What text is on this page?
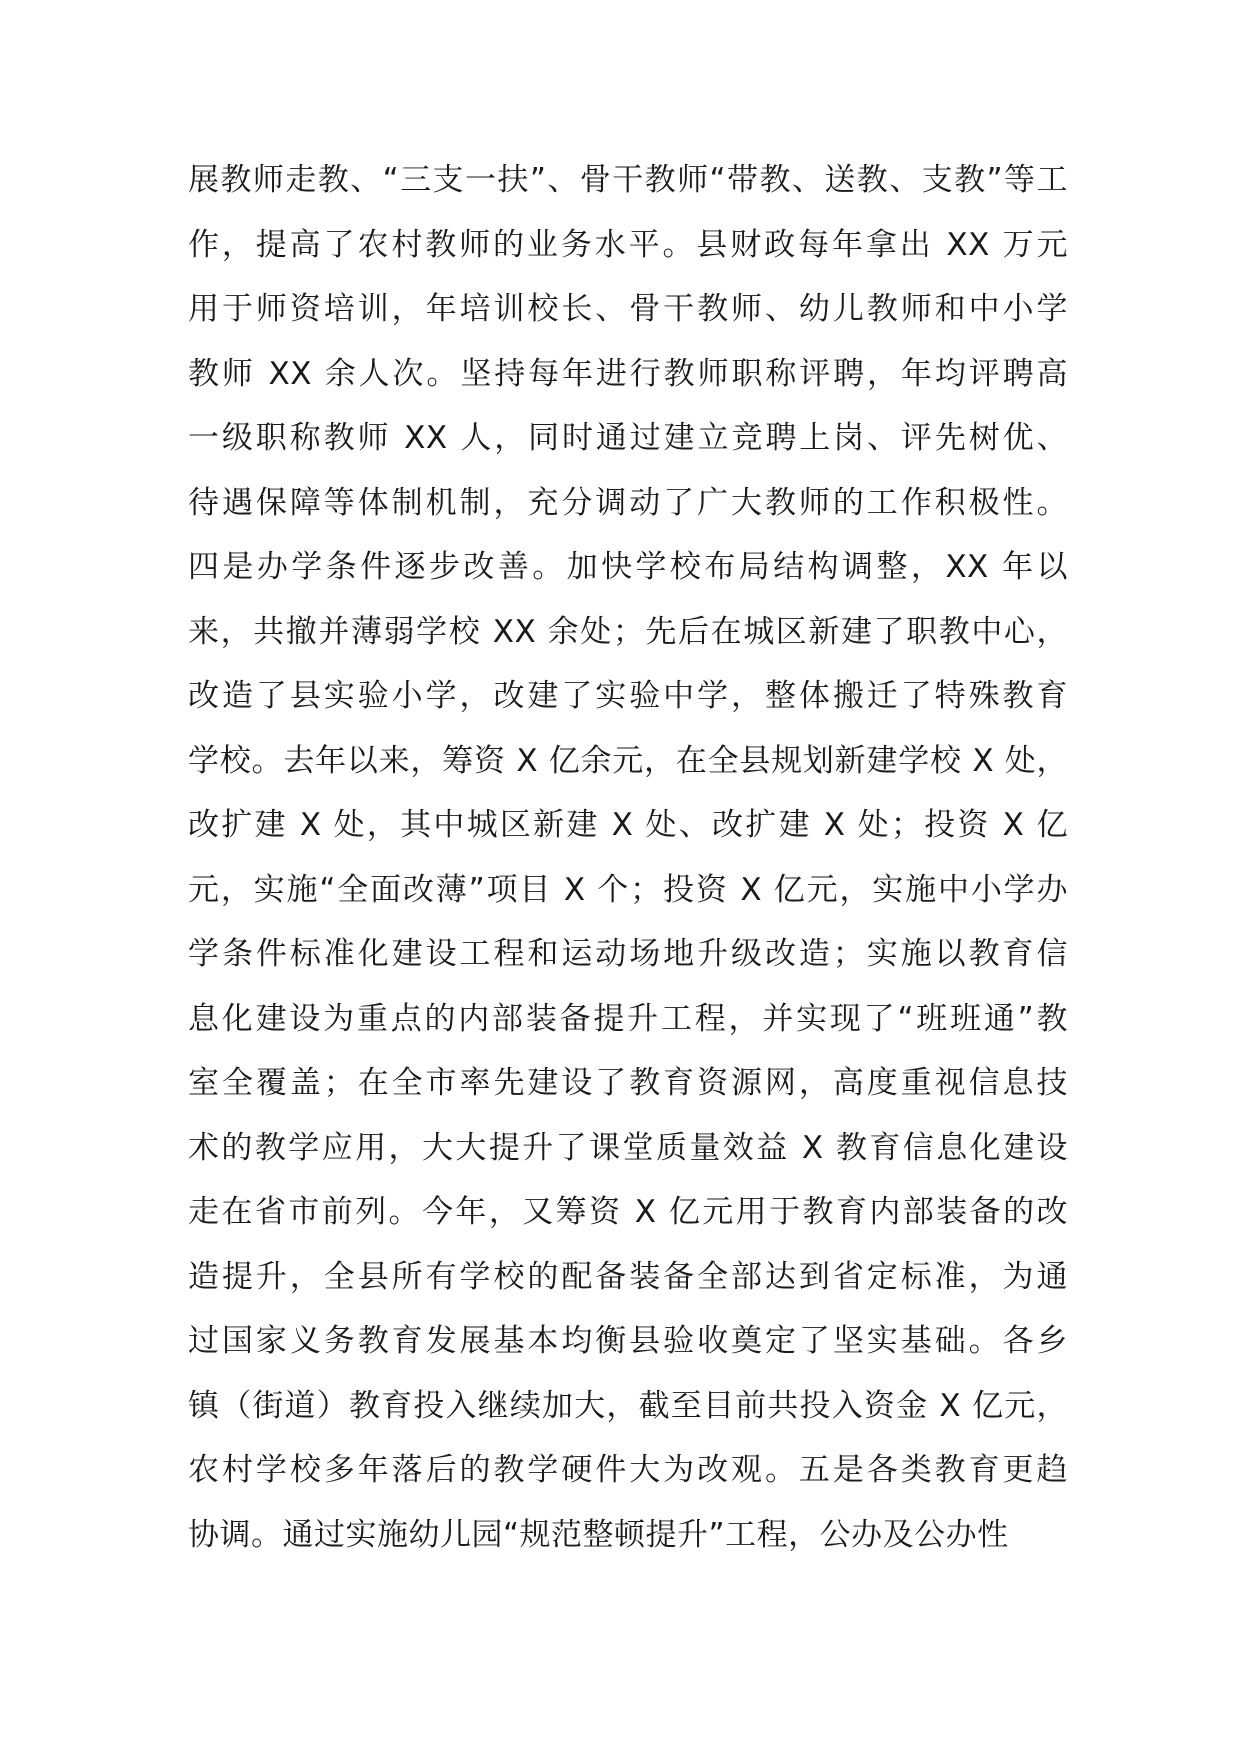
展教师走教、“三支一扶”、骨干教师“带教、送教、支教”等工
作，提高了农村教师的业务水平。县财政每年拿出 XX 万元
用于师资培训，年培训校长、骨干教师、幼儿教师和中小学
教师 XX 余人次。坚持每年进行教师职称评聘，年均评聘高
一级职称教师 XX 人，同时通过建立竞聘上岗、评先树优、
待遇保障等体制机制，充分调动了广大教师的工作积极性。
四是办学条件逐步改善。加快学校布局结构调整，XX 年以
来，共撤并薄弱学校 XX 余处；先后在城区新建了职教中心，
改造了县实验小学，改建了实验中学，整体搬迁了特殊教育
学校。去年以来，筹资 X 亿余元，在全县规划新建学校 X 处，
改扩建 X 处，其中城区新建 X 处、改扩建 X 处；投资 X 亿
元，实施“全面改薄”项目 X 个；投资 X 亿元，实施中小学办
学条件标准化建设工程和运动场地升级改造；实施以教育信
息化建设为重点的内部装备提升工程，并实现了“班班通”教
室全覆盖；在全市率先建设了教育资源网，高度重视信息技
术的教学应用，大大提升了课堂质量效益 X 教育信息化建设
走在省市前列。今年，又筹资 X 亿元用于教育内部装备的改
造提升，全县所有学校的配备装备全部达到省定标准，为通
过国家义务教育发展基本均衡县验收奠定了坚实基础。各乡
镇（街道）教育投入继续加大，截至目前共投入资金 X 亿元，
农村学校多年落后的教学硬件大为改观。五是各类教育更趋
协调。通过实施幼儿园“规范整顿提升”工程，公办及公办性
